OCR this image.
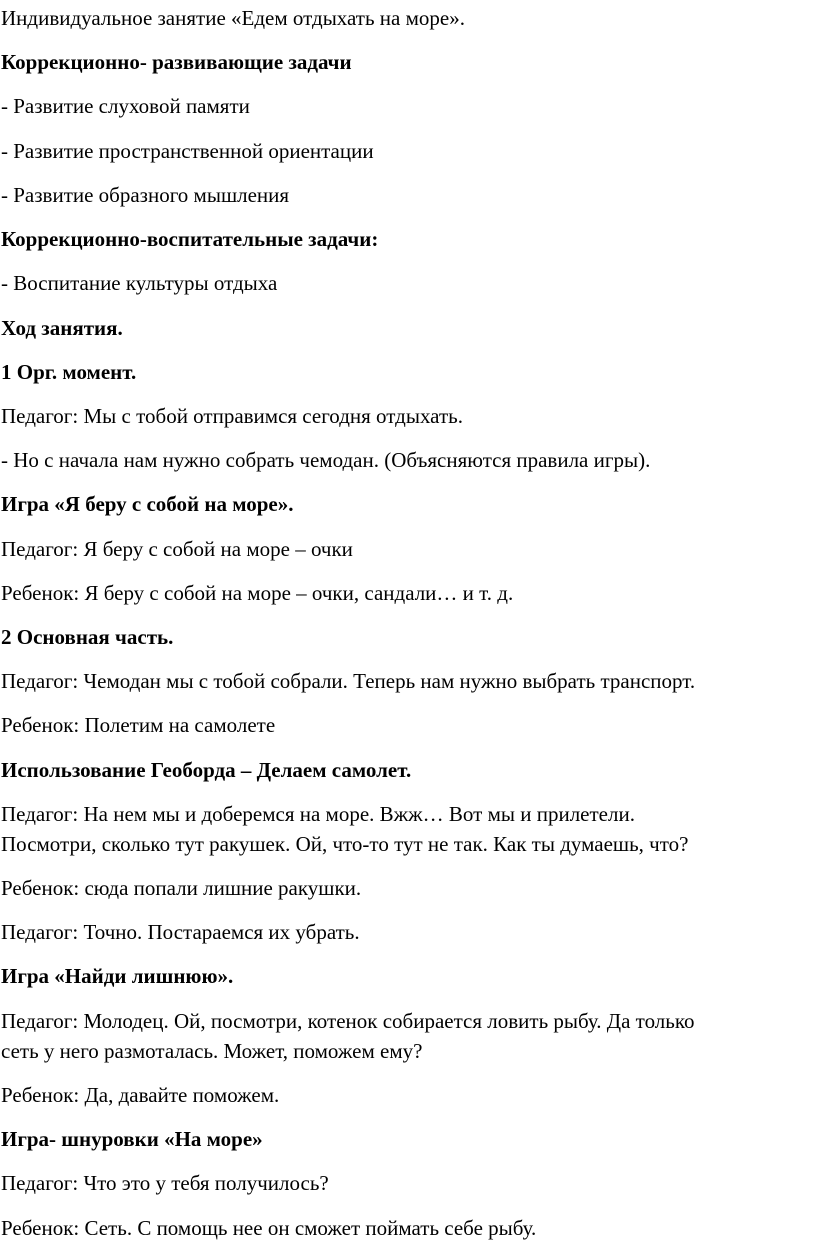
Индивидуальное занятие «Едем отдыхать на море».
Коррекционно- развивающие задачи
- Развитие слуховой памяти
- Развитие пространственной ориентации
- Развитие образного мышления
Коррекционно-воспитательные задачи:
- Воспитание культуры отдыха
Ход занятия.
1 Орг. момент.
Педагог: Мы с тобой отправимся сегодня отдыхать.
- Но с начала нам нужно собрать чемодан. (Объясняются правила игры).
Игра «Я беру с собой на море».
Педагог: Я беру с собой на море – очки
Ребенок: Я беру с собой на море – очки, сандали… и т. д.
2 Основная часть.
Педагог: Чемодан мы с тобой собрали. Теперь нам нужно выбрать транспорт.
Ребенок: Полетим на самолете
Использование Геоборда – Делаем самолет.
Педагог: На нем мы и доберемся на море. Вжж… Вот мы и прилетели.
Посмотри, сколько тут ракушек. Ой, что-то тут не так. Как ты думаешь, что?
Ребенок: сюда попали лишние ракушки.
Педагог: Точно. Постараемся их убрать.
Игра «Найди лишнюю».
Педагог: Молодец. Ой, посмотри, котенок собирается ловить рыбу. Да только
сеть у него размоталась. Может, поможем ему?
Ребенок: Да, давайте поможем.
Игра- шнуровки «На море»
Педагог: Что это у тебя получилось?
Ребенок: Сеть. С помощь нее он сможет поймать себе рыбу.
